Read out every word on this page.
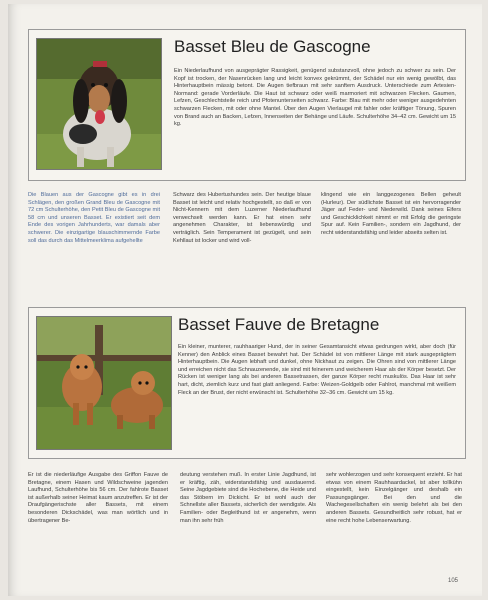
Basset Bleu de Gascogne

Ein Niederlaufhund von ausgeprägter Rassigkeit, genügend substanzvoll, ohne jedoch zu schwer zu sein. Der Kopf ist trocken, der Nasenrücken lang und leicht konvex gekrümmt, der Schädel nur ein wenig gewölbt, das Hinterhauptbein mässig betont. Die Augen tiefbraun mit sehr sanftem Ausdruck. Unterschiede zum Artesien-Normand: gerade Vorderläufe. Die Haut ist schwarz oder weiß marmoriert mit schwarzen Flecken. Gaumen, Lefzen, Geschlechtsteile reich und Pfotenunterseiten schwarz. Farbe: Blau mit mehr oder weniger ausgedehnten schwarzen Flecken, mit oder ohne Mantel. Über den Augen Vierlaugel mit fahler oder kräftiger Tönung, Spuren von Brand auch an Backen, Lefzen, Innenseiten der Behänge und Läufe. Schulterhöhe 34–42 cm. Gewicht um 15 kg.

Die Blauen aus der Gascogne gibt es in drei Schlägen, den großen Grand Bleu de Gascogne mit 72 cm Schulterhöhe, den Petit Bleu de Gascogne mit 58 cm und unseren Basset. Er existiert seit dem Ende des vorigen Jahrhunderts, war damals aber schwerer. Die einzigartige blauschimmernde Farbe soll das durch das Mittelmeerklima aufgehellte

Schwarz des Hubertushundes sein. Der heutige blaue Basset ist leicht und relativ hochgestellt, so daß er von Nicht-Kennern mit dem Luzerner Niederlaufhund verwechselt werden kann. Er hat einen sehr angenehmen Charakter, ist liebenswürdig und verträglich. Sein Temperament ist gezügelt, und sein Kehllaut ist locker und wird voll-

klingend wie ein langgezogenes Bellen geheult (Hurleur). Der südlichste Basset ist ein hervorragender Jäger auf Feder- und Niederwild. Dank seines Eifers und Geschicklichkeit nimmt er mit Erfolg die geringste Spur auf. Kein Familien-, sondern ein Jagdhund, der recht widerstandsfähig und leider abseits selten ist.

Basset Fauve de Bretagne

Ein kleiner, munterer, rauhhaariger Hund, der in seiner Gesamtansicht etwas gedrungen wirkt, aber doch (für Kenner) den Anblick eines Basset bewahrt hat. Der Schädel ist von mittlerer Länge mit stark ausgeprägtem Hinterhauptbein. Die Augen lebhaft und dunkel, ohne Nickhaut zu zeigen. Die Ohren sind von mittlerer Länge und erreichen nicht das Schnauzenende, sie sind mit feinerem und weicherem Haar als der Körper besetzt. Der Rücken ist weniger lang als bei anderen Bassetrassen, der ganze Körper recht muskulös. Das Haar ist sehr hart, dicht, ziemlich kurz und fast glatt anliegend. Farbe: Weizen-Goldgelb oder Fahlrot, manchmal mit weißem Fleck an der Brust, der nicht erwünscht ist. Schulterhöhe 32–36 cm. Gewicht um 15 kg.

Er ist die niederläufige Ausgabe des Griffon Fauve de Bretagne, einem Hasen und Wildschweine jagenden Laufhund, Schulterhöhe bis 56 cm. Der fahlrote Basset ist außerhalb seiner Heimat kaum anzutreffen. Er ist der Draufgängerischste aller Bassets, mit einem besonderen Dickschädel, was man wörtlich und in übertragener Be-

deutung verstehen muß. In erster Linie Jagdhund, ist er kräftig, zäh, widerstandsfähig und ausdauernd. Seine Jagdgebiete sind die Hochebene, die Heide und das Stöbern im Dickicht. Er ist wohl auch der Schnellste aller Bassets, sicherlich der wendigste. Als Familien- oder Begleithund ist er angenehm, wenn man ihn sehr früh

sehr wohlerzogen und sehr konsequent erzieht. Er hat etwas von einem Rauhhaardackel, ist aber tollkühn eingestellt, kein Einzelgänger und deshalb ein Passungsgänger. Bei den und die Wachegesellschaften ein wenig belehrt als bei den anderen Bassets. Gesundheitlich sehr robust, hat er eine recht hohe Lebenserwartung.

105
